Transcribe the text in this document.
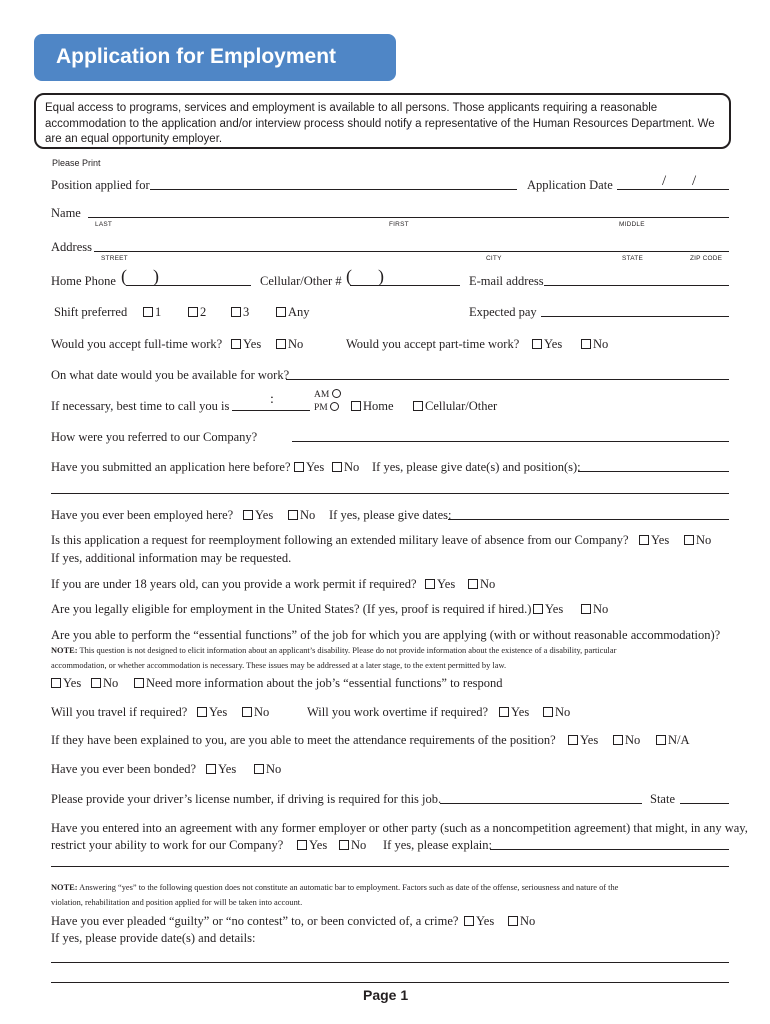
Application for Employment
Equal access to programs, services and employment is available to all persons. Those applicants requiring a reasonable accommodation to the application and/or interview process should notify a representative of the Human Resources Department. We are an equal opportunity employer.
Please Print
Position applied for	Application Date	/ /
Name
LAST	FIRST	MIDDLE
Address
STREET	CITY	STATE	ZIP CODE
Home Phone ( )	Cellular/Other # ( )	E-mail address
Shift preferred	1	2	3	Any	Expected pay
Would you accept full-time work?	Yes	No	Would you accept part-time work?	Yes	No
On what date would you be available for work?
If necessary, best time to call you is	:	AM
PM	Home	Cellular/Other
How were you referred to our Company?
Have you submitted an application here before?	Yes	No If yes, please give date(s) and position(s):
Have you ever been employed here?	Yes	No If yes, please give dates:
Is this application a request for reemployment following an extended military leave of absence from our Company?	Yes	No
If yes, additional information may be requested.
If you are under 18 years old, can you provide a work permit if required?	Yes	No
Are you legally eligible for employment in the United States? (If yes, proof is required if hired.)	Yes	No
Are you able to perform the “essential functions” of the job for which you are applying (with or without reasonable accommodation)?
NOTE: This question is not designed to elicit information about an applicant’s disability. Please do not provide information about the existence of a disability, particular
accommodation, or whether accommodation is necessary. These issues may be addressed at a later stage, to the extent permitted by law.
Yes	No	Need more information about the job’s “essential functions” to respond
Will you travel if required?	Yes	No	Will you work overtime if required?	Yes	No
If they have been explained to you, are you able to meet the attendance requirements of the position?	Yes	No	N/A
Have you ever been bonded?	Yes	No
Please provide your driver’s license number, if driving is required for this job.	State
Have you entered into an agreement with any former employer or other party (such as a noncompetition agreement) that might, in any way,
restrict your ability to work for our Company?	Yes	No If yes, please explain:
NOTE: Answering “yes” to the following question does not constitute an automatic bar to employment. Factors such as date of the offense, seriousness and nature of the
violation, rehabilitation and position applied for will be taken into account.
Have you ever pleaded “guilty” or “no contest” to, or been convicted of, a crime?	Yes	No
If yes, please provide date(s) and details:
Page 1
